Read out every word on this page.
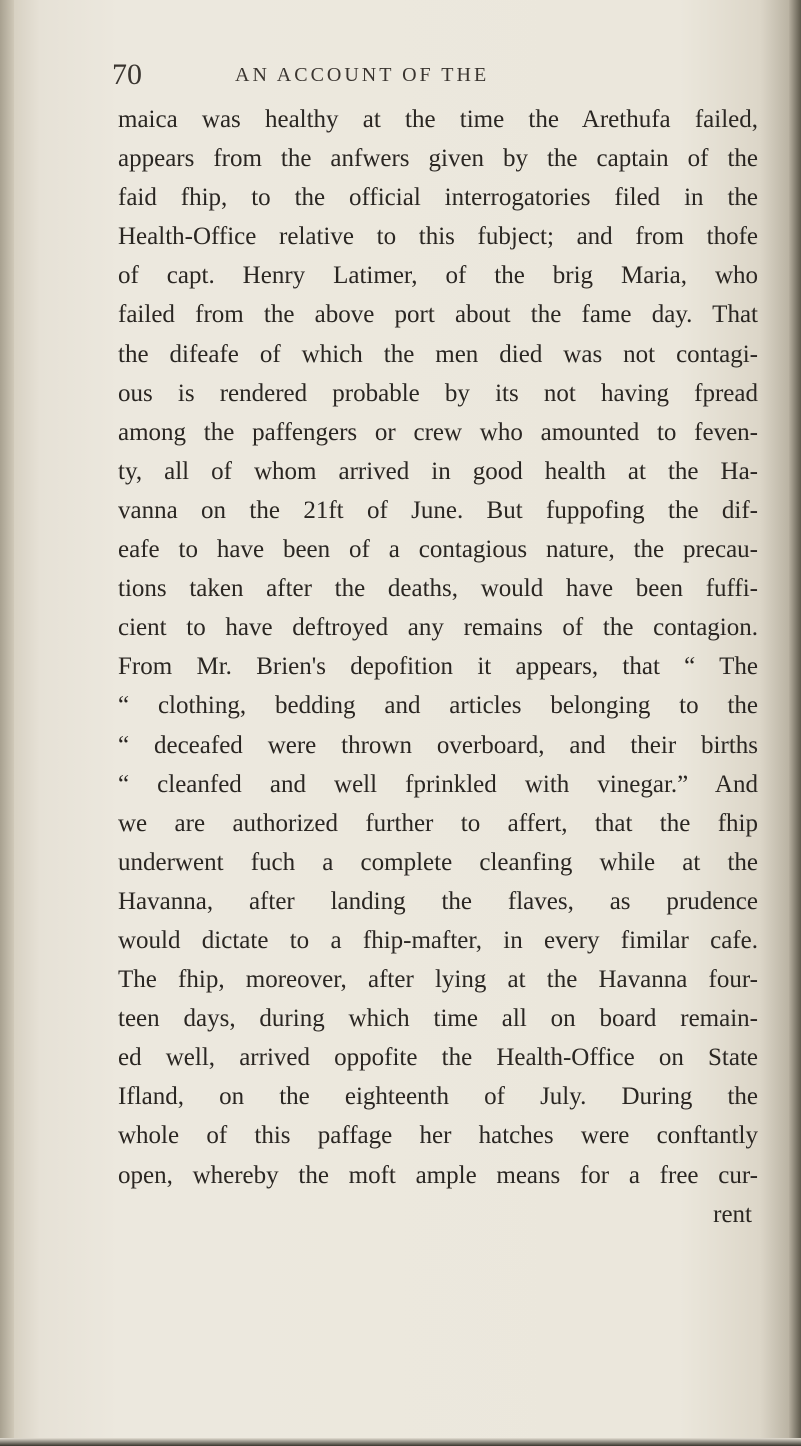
70	AN ACCOUNT OF THE
maica was healthy at the time the Arethufa failed,
appears from the anfwers given by the captain of the
faid fhip, to the official interrogatories filed in the
Health-Office relative to this fubject; and from thofe
of capt. Henry Latimer, of the brig Maria, who
failed from the above port about the fame day. That
the difeafe of which the men died was not contagi-
ous is rendered probable by its not having fpread
among the paffengers or crew who amounted to feven-
ty, all of whom arrived in good health at the Ha-
vanna on the 21ft of June. But fuppofing the dif-
eafe to have been of a contagious nature, the precau-
tions taken after the deaths, would have been fuffi-
cient to have deftroyed any remains of the contagion.
From Mr. Brien's depofition it appears, that “ The
“ clothing, bedding and articles belonging to the
“ deceafed were thrown overboard, and their births
“ cleanfed and well fprinkled with vinegar.” And
we are authorized further to affert, that the fhip
underwent fuch a complete cleanfing while at the
Havanna, after landing the flaves, as prudence
would dictate to a fhip-mafter, in every fimilar cafe.
The fhip, moreover, after lying at the Havanna four-
teen days, during which time all on board remain-
ed well, arrived oppofite the Health-Office on State
Ifland, on the eighteenth of July. During the
whole of this paffage her hatches were conftantly
open, whereby the moft ample means for a free cur-
rent
